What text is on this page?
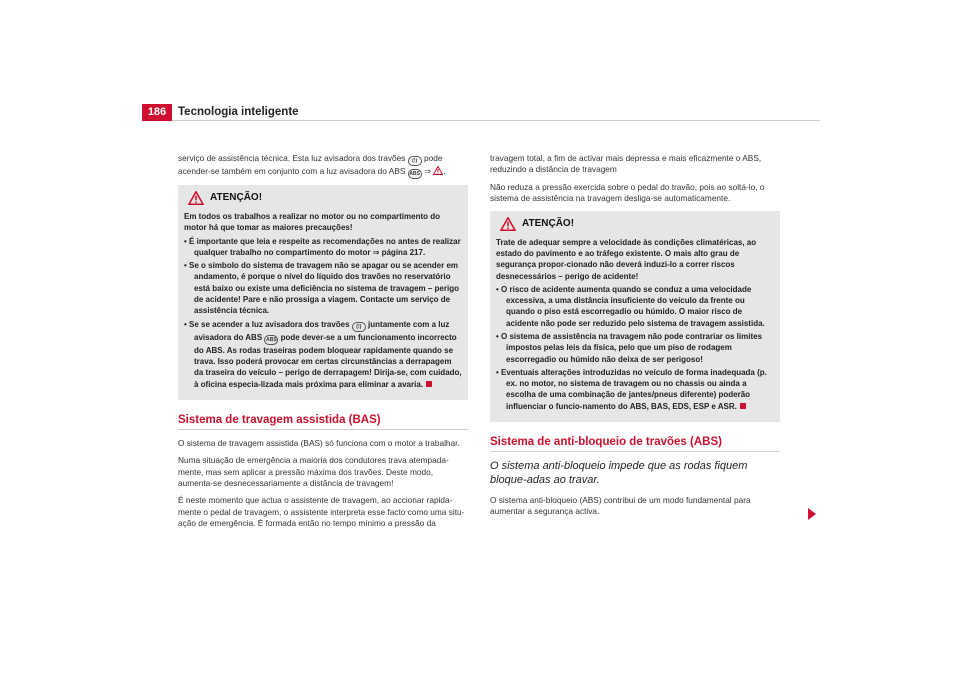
186	Tecnologia inteligente

serviço de assistência técnica. Esta luz avisadora dos travões (!) pode acender-se também em conjunto com a luz avisadora do ABS ABS ⇒ .

ATENÇÃO!

Em todos os trabalhos a realizar no motor ou no compartimento do motor há que tomar as maiores precauções!

• É importante que leia e respeite as recomendações no antes de realizar qualquer trabalho no compartimento do motor ⇒ página 217.

• Se o símbolo do sistema de travagem não se apagar ou se acender em andamento, é porque o nível do líquido dos travões no reservatório está baixo ou existe uma deficiência no sistema de travagem – perigo de acidente! Pare e não prossiga a viagem. Contacte um serviço de assistência técnica.

• Se se acender a luz avisadora dos travões (!) juntamente com a luz avisadora do ABS ABS pode dever-se a um funcionamento incorrecto do ABS. As rodas traseiras podem bloquear rapidamente quando se trava. Isso poderá provocar em certas circunstâncias a derrapagem da traseira do veículo – perigo de derrapagem! Dirija-se, com cuidado, à oficina especia-lizada mais próxima para eliminar a avaria.

Sistema de travagem assistida (BAS)

O sistema de travagem assistida (BAS) só funciona com o motor a trabalhar.

Numa situação de emergência a maioria dos condutores trava atempada-mente, mas sem aplicar a pressão máxima dos travões. Deste modo, aumenta-se desnecessariamente a distância de travagem!

É neste momento que actua o assistente de travagem, ao accionar rapida-mente o pedal de travagem, o assistente interpreta esse facto como uma situ-ação de emergência. É formada então no tempo mínimo a pressão da

travagem total, a fim de activar mais depressa e mais eficazmente o ABS, reduzindo a distância de travagem

Não reduza a pressão exercida sobre o pedal do travão, pois ao soltá-lo, o sistema de assistência na travagem desliga-se automaticamente.

ATENÇÃO!

Trate de adequar sempre a velocidade às condições climatéricas, ao estado do pavimento e ao tráfego existente. O mais alto grau de segurança propor-cionado não deverá induzi-lo a correr riscos desnecessários – perigo de acidente!

• O risco de acidente aumenta quando se conduz a uma velocidade excessiva, a uma distância insuficiente do veículo da frente ou quando o piso está escorregadio ou húmido. O maior risco de acidente não pode ser reduzido pelo sistema de travagem assistida.

• O sistema de assistência na travagem não pode contrariar os limites impostos pelas leis da física, pelo que um piso de rodagem escorregadio ou húmido não deixa de ser perigoso!

• Eventuais alterações introduzidas no veículo de forma inadequada (p. ex. no motor, no sistema de travagem ou no chassis ou ainda a escolha de uma combinação de jantes/pneus diferente) poderão influenciar o funcio-namento do ABS, BAS, EDS, ESP e ASR.

Sistema de anti-bloqueio de travões (ABS)

O sistema anti-bloqueio impede que as rodas fiquem bloque-adas ao travar.

O sistema anti-bloqueio (ABS) contribui de um modo fundamental para aumentar a segurança activa.
